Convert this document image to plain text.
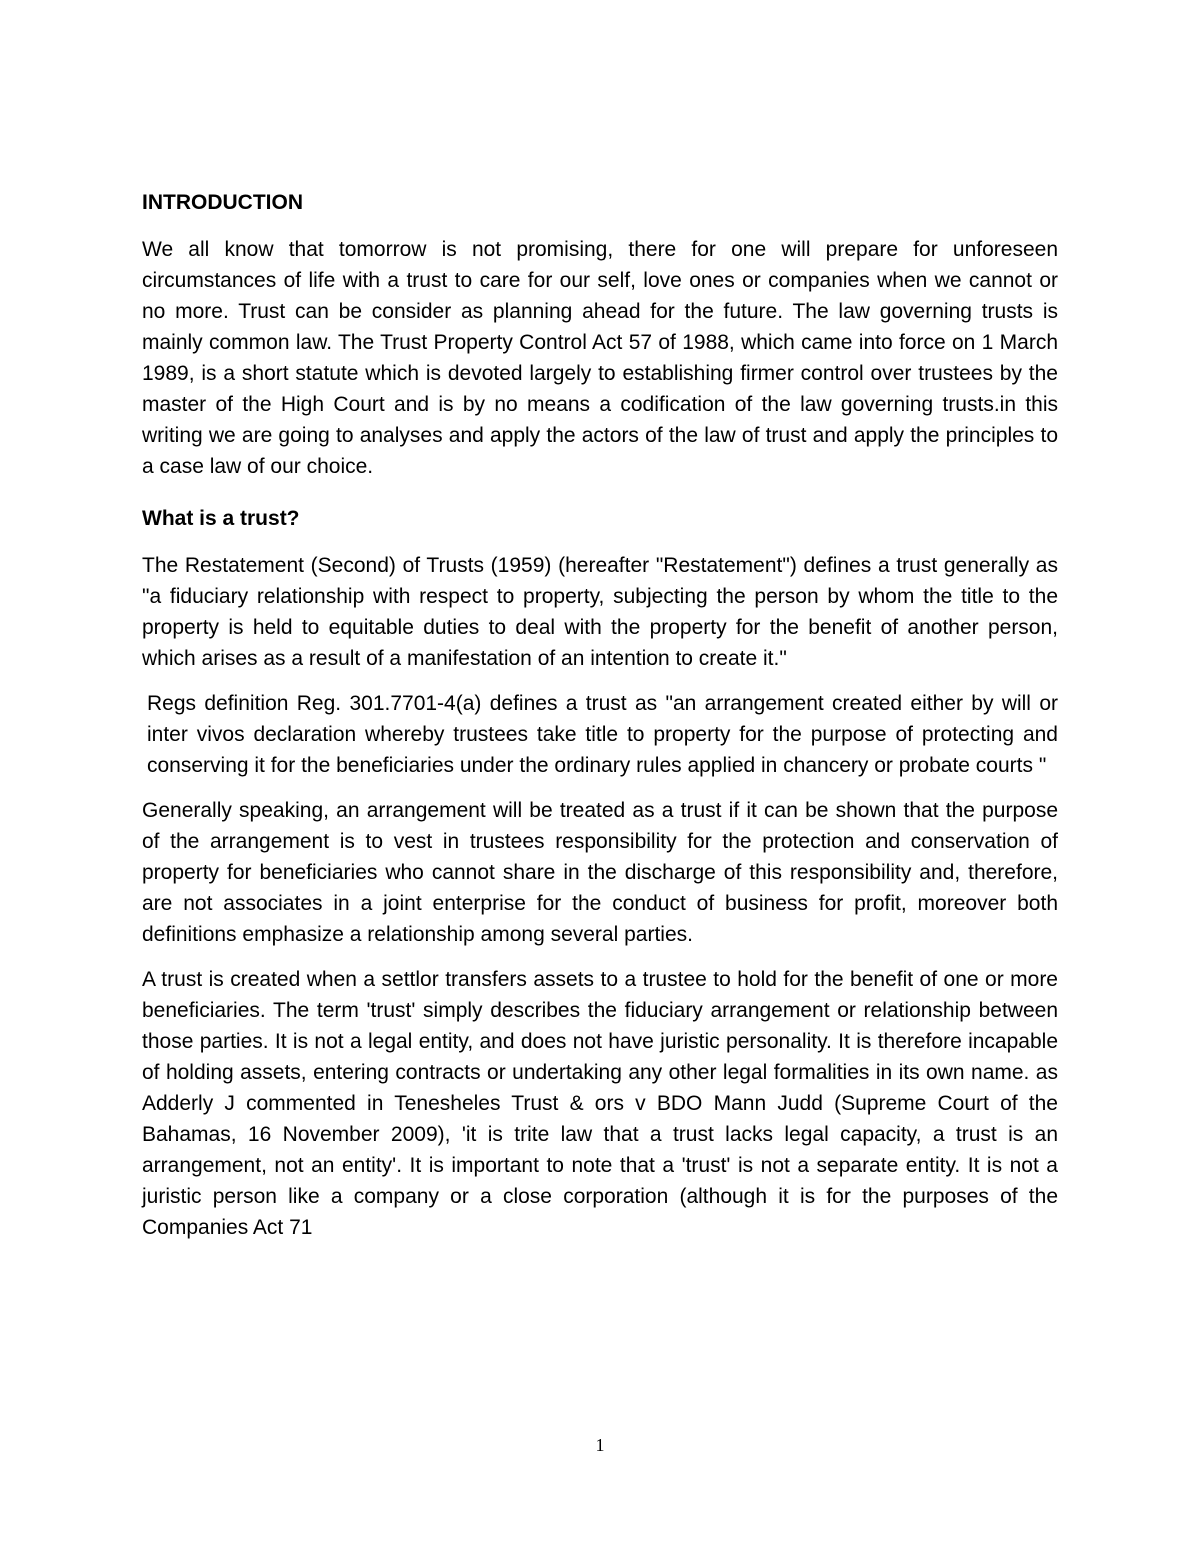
INTRODUCTION

We all know that tomorrow is not promising, there for one will prepare for unforeseen circumstances of life with a trust to care for our self, love ones or companies when we cannot or no more. Trust can be consider as planning ahead for the future. The law governing trusts is mainly common law. The Trust Property Control Act 57 of 1988, which came into force on 1 March 1989, is a short statute which is devoted largely to establishing firmer control over trustees by the master of the High Court and is by no means a codification of the law governing trusts.in this writing we are going to analyses and apply the actors of the law of trust and apply the principles to a case law of our choice.

What is a trust?

The Restatement (Second) of Trusts (1959) (hereafter "Restatement") defines a trust generally as "a fiduciary relationship with respect to property, subjecting the person by whom the title to the property is held to equitable duties to deal with the property for the benefit of another person, which arises as a result of a manifestation of an intention to create it."

Regs definition Reg. 301.7701-4(a) defines a trust as "an arrangement created either by will or inter vivos declaration whereby trustees take title to property for the purpose of protecting and conserving it for the beneficiaries under the ordinary rules applied in chancery or probate courts "

Generally speaking, an arrangement will be treated as a trust if it can be shown that the purpose of the arrangement is to vest in trustees responsibility for the protection and conservation of property for beneficiaries who cannot share in the discharge of this responsibility and, therefore, are not associates in a joint enterprise for the conduct of business for profit, moreover both definitions emphasize a relationship among several parties.

A trust is created when a settlor transfers assets to a trustee to hold for the benefit of one or more beneficiaries. The term 'trust' simply describes the fiduciary arrangement or relationship between those parties. It is not a legal entity, and does not have juristic personality. It is therefore incapable of holding assets, entering contracts or undertaking any other legal formalities in its own name. as Adderly J commented in Tenesheles Trust & ors v BDO Mann Judd (Supreme Court of the Bahamas, 16 November 2009), 'it is trite law that a trust lacks legal capacity, a trust is an arrangement, not an entity'. It is important to note that a 'trust' is not a separate entity. It is not a juristic person like a company or a close corporation (although it is for the purposes of the Companies Act 71

1
